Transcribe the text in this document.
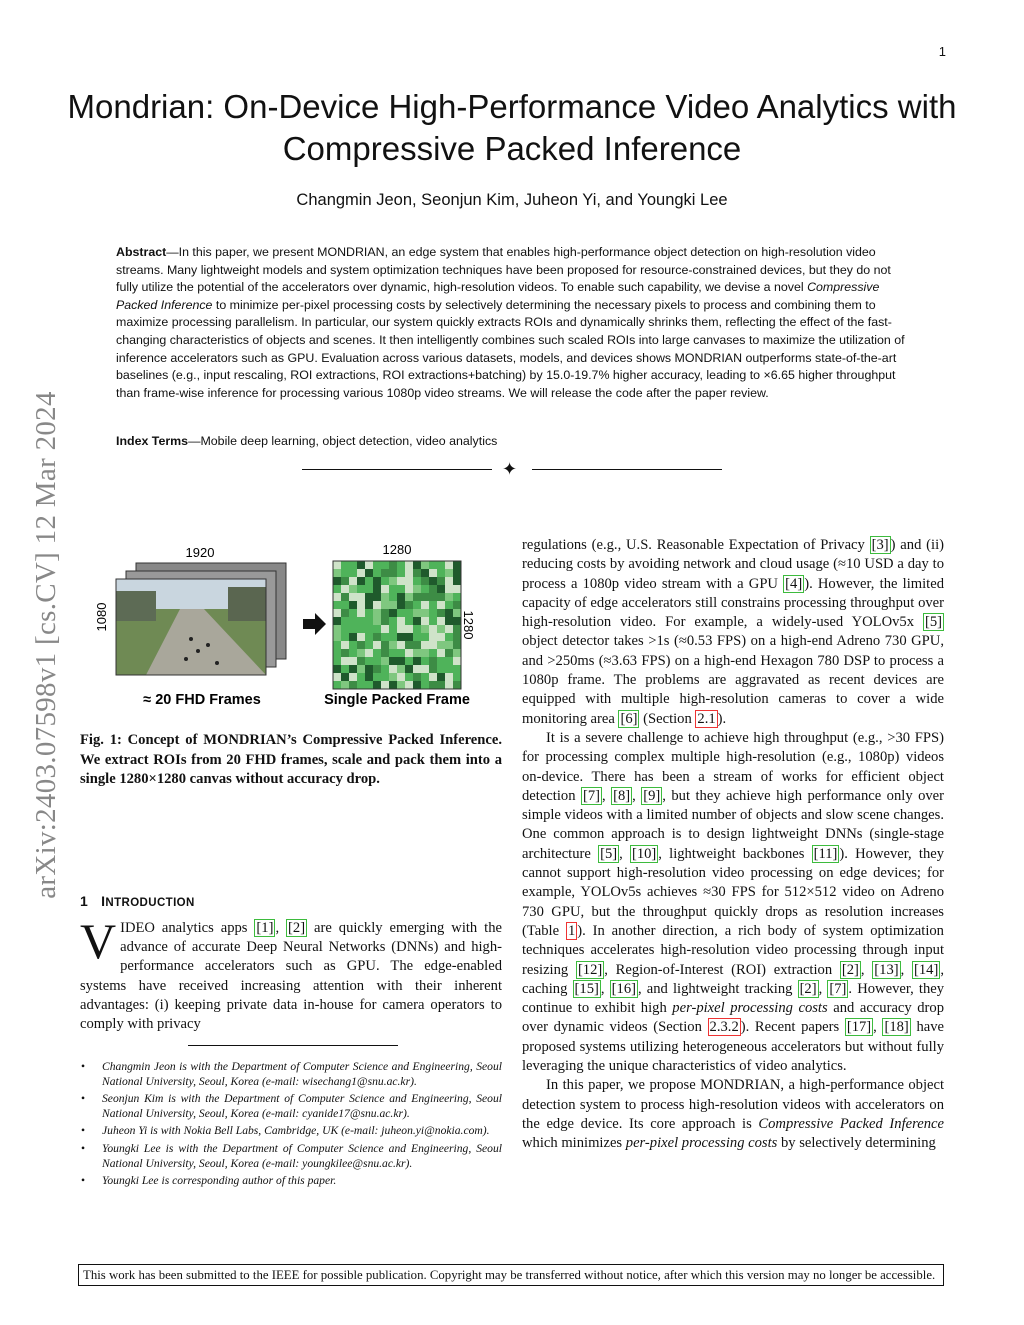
1
Mondrian: On-Device High-Performance Video Analytics with Compressive Packed Inference
Changmin Jeon, Seonjun Kim, Juheon Yi, and Youngki Lee

Abstract—In this paper, we present MONDRIAN, an edge system that enables high-performance object detection on high-resolution video streams. Many lightweight models and system optimization techniques have been proposed for resource-constrained devices, but they do not fully utilize the potential of the accelerators over dynamic, high-resolution videos. To enable such capability, we devise a novel Compressive Packed Inference to minimize per-pixel processing costs by selectively determining the necessary pixels to process and combining them to maximize processing parallelism. In particular, our system quickly extracts ROIs and dynamically shrinks them, reflecting the effect of the fast-changing characteristics of objects and scenes. It then intelligently combines such scaled ROIs into large canvases to maximize the utilization of inference accelerators such as GPU. Evaluation across various datasets, models, and devices shows MONDRIAN outperforms state-of-the-art baselines (e.g., input rescaling, ROI extractions, ROI extractions+batching) by 15.0-19.7% higher accuracy, leading to ×6.65 higher throughput than frame-wise inference for processing various 1080p video streams. We will release the code after the paper review.

Index Terms—Mobile deep learning, object detection, video analytics
✦
arXiv:2403.07598v1 [cs.CV] 12 Mar 2024	1920
1080
1280
1280
≈ 20 FHD Frames	Single Packed Frame

Fig. 1: Concept of MONDRIAN’s Compressive Packed Inference. We extract ROIs from 20 FHD frames, scale and pack them into a single 1280×1280 canvas without accuracy drop.

1 INTRODUCTION

VIDEO analytics apps [1] , [2] are quickly emerging with the advance of accurate Deep Neural Networks (DNNs) and high-performance accelerators such as GPU. The edge-enabled systems have received increasing attention with their inherent advantages: (i) keeping private data in-house for camera operators to comply with privacy

• Changmin Jeon is with the Department of Computer Science and Engineering, Seoul National University, Seoul, Korea (e-mail: wisechang1@snu.ac.kr).
• Seonjun Kim is with the Department of Computer Science and Engineering, Seoul National University, Seoul, Korea (e-mail: cyanide17@snu.ac.kr).
• Juheon Yi is with Nokia Bell Labs, Cambridge, UK (e-mail: juheon.yi@nokia.com).
• Youngki Lee is with the Department of Computer Science and Engineering, Seoul National University, Seoul, Korea (e-mail: youngkilee@snu.ac.kr).
• Youngki Lee is corresponding author of this paper.

regulations (e.g., U.S. Reasonable Expectation of Privacy [3] ) and (ii) reducing costs by avoiding network and cloud usage (≈10 USD a day to process a 1080p video stream with a GPU [4] ). However, the limited capacity of edge accelerators still constrains processing throughput over high-resolution video. For example, a widely-used YOLOv5x [5] object detector takes >1s (≈0.53 FPS) on a high-end Adreno 730 GPU, and >250ms (≈3.63 FPS) on a high-end Hexagon 780 DSP to process a 1080p frame. The problems are aggravated as recent devices are equipped with multiple high-resolution cameras to cover a wide monitoring area [6] (Section 2.1 ).

It is a severe challenge to achieve high throughput (e.g., >30 FPS) for processing complex multiple high-resolution (e.g., 1080p) videos on-device. There has been a stream of works for efficient object detection [7] , [8] , [9] , but they achieve high performance only over simple videos with a limited number of objects and slow scene changes. One common approach is to design lightweight DNNs (single-stage architecture [5] , [10] , lightweight backbones [11] ). However, they cannot support high-resolution video processing on edge devices; for example, YOLOv5s achieves ≈30 FPS for 512×512 video on Adreno 730 GPU, but the throughput quickly drops as resolution increases (Table 1 ). In another direction, a rich body of system optimization techniques accelerates high-resolution video processing through input resizing [12] , Region-of-Interest (ROI) extraction [2] , [13] , [14] , caching [15] , [16] , and lightweight tracking [2] , [7] . However, they continue to exhibit high per-pixel processing costs and accuracy drop over dynamic videos (Section 2.3.2 ). Recent papers [17] , [18] have proposed systems utilizing heterogeneous accelerators but without fully leveraging the unique characteristics of video analytics.

In this paper, we propose MONDRIAN, a high-performance object detection system to process high-resolution videos with accelerators on the edge device. Its core approach is Compressive Packed Inference which minimizes per-pixel processing costs by selectively determining

This work has been submitted to the IEEE for possible publication. Copyright may be transferred without notice, after which this version may no longer be accessible.
